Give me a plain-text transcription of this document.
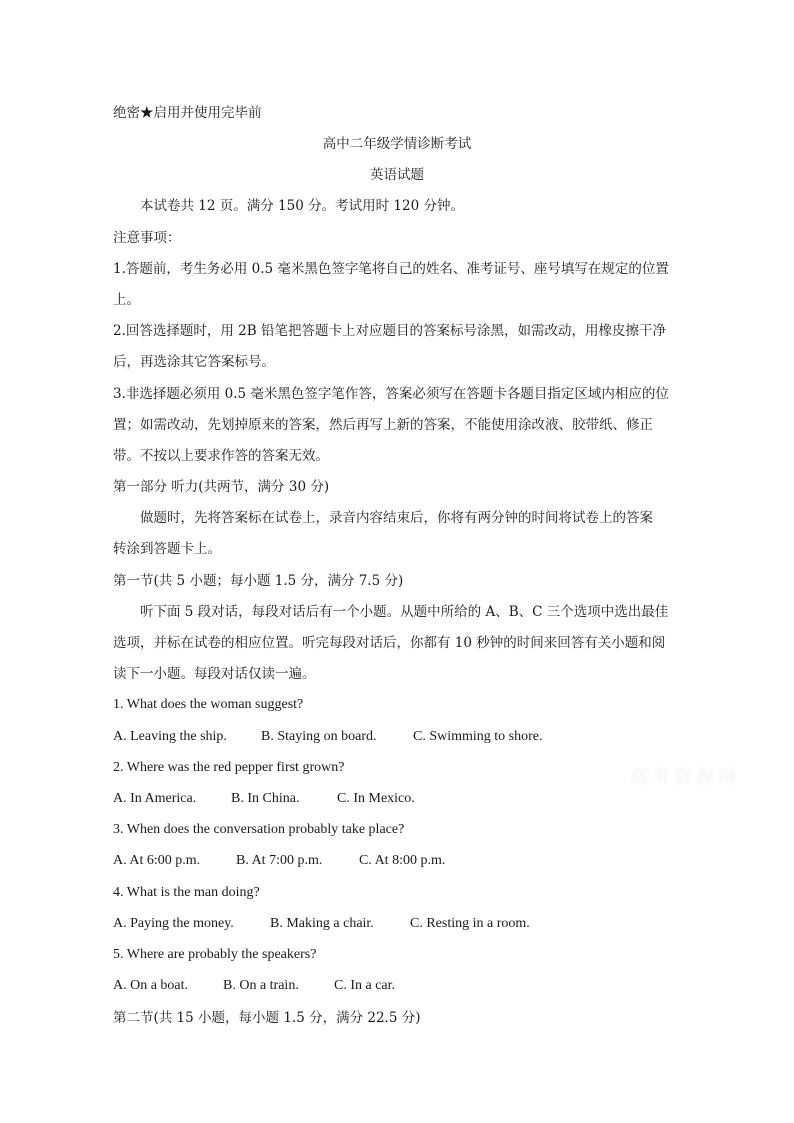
绝密★启用并使用完毕前
高中二年级学情诊断考试
英语试题
本试卷共 12 页。满分 150 分。考试用时 120 分钟。
注意事项：
1.答题前，考生务必用 0.5 毫米黑色签字笔将自己的姓名、准考证号、座号填写在规定的位置
上。
2.回答选择题时，用 2B 铅笔把答题卡上对应题目的答案标号涂黑，如需改动，用橡皮擦干净
后，再选涂其它答案标号。
3.非选择题必须用 0.5 毫米黑色签字笔作答，答案必须写在答题卡各题目指定区域内相应的位
置；如需改动，先划掉原来的答案，然后再写上新的答案，不能使用涂改液、胶带纸、修正
带。不按以上要求作答的答案无效。
第一部分 听力(共两节，满分 30 分)
做题时，先将答案标在试卷上，录音内容结束后，你将有两分钟的时间将试卷上的答案
转涂到答题卡上。
第一节(共 5 小题；每小题 1.5 分，满分 7.5 分)
听下面 5 段对话，每段对话后有一个小题。从题中所给的 A、B、C 三个选项中选出最佳
选项，并标在试卷的相应位置。听完每段对话后，你都有 10 秒钟的时间来回答有关小题和阅
读下一小题。每段对话仅读一遍。
1. What does the woman suggest?
A. Leaving the ship. B. Staying on board.	C. Swimming to shore.
2. Where was the red pepper first grown?
A. In America. B. In China.	C. In Mexico.
3. When does the conversation probably take place?
A. At 6:00 p.m.	B. At 7:00 p.m.	C. At 8:00 p.m.
4. What is the man doing?
A. Paying the money.	B. Making a chair.	C. Resting in a room.
5. Where are probably the speakers?
A. On a boat. B. On a train.	C. In a car.
第二节(共 15 小题，每小题 1.5 分，满分 22.5 分)
高考资源网
